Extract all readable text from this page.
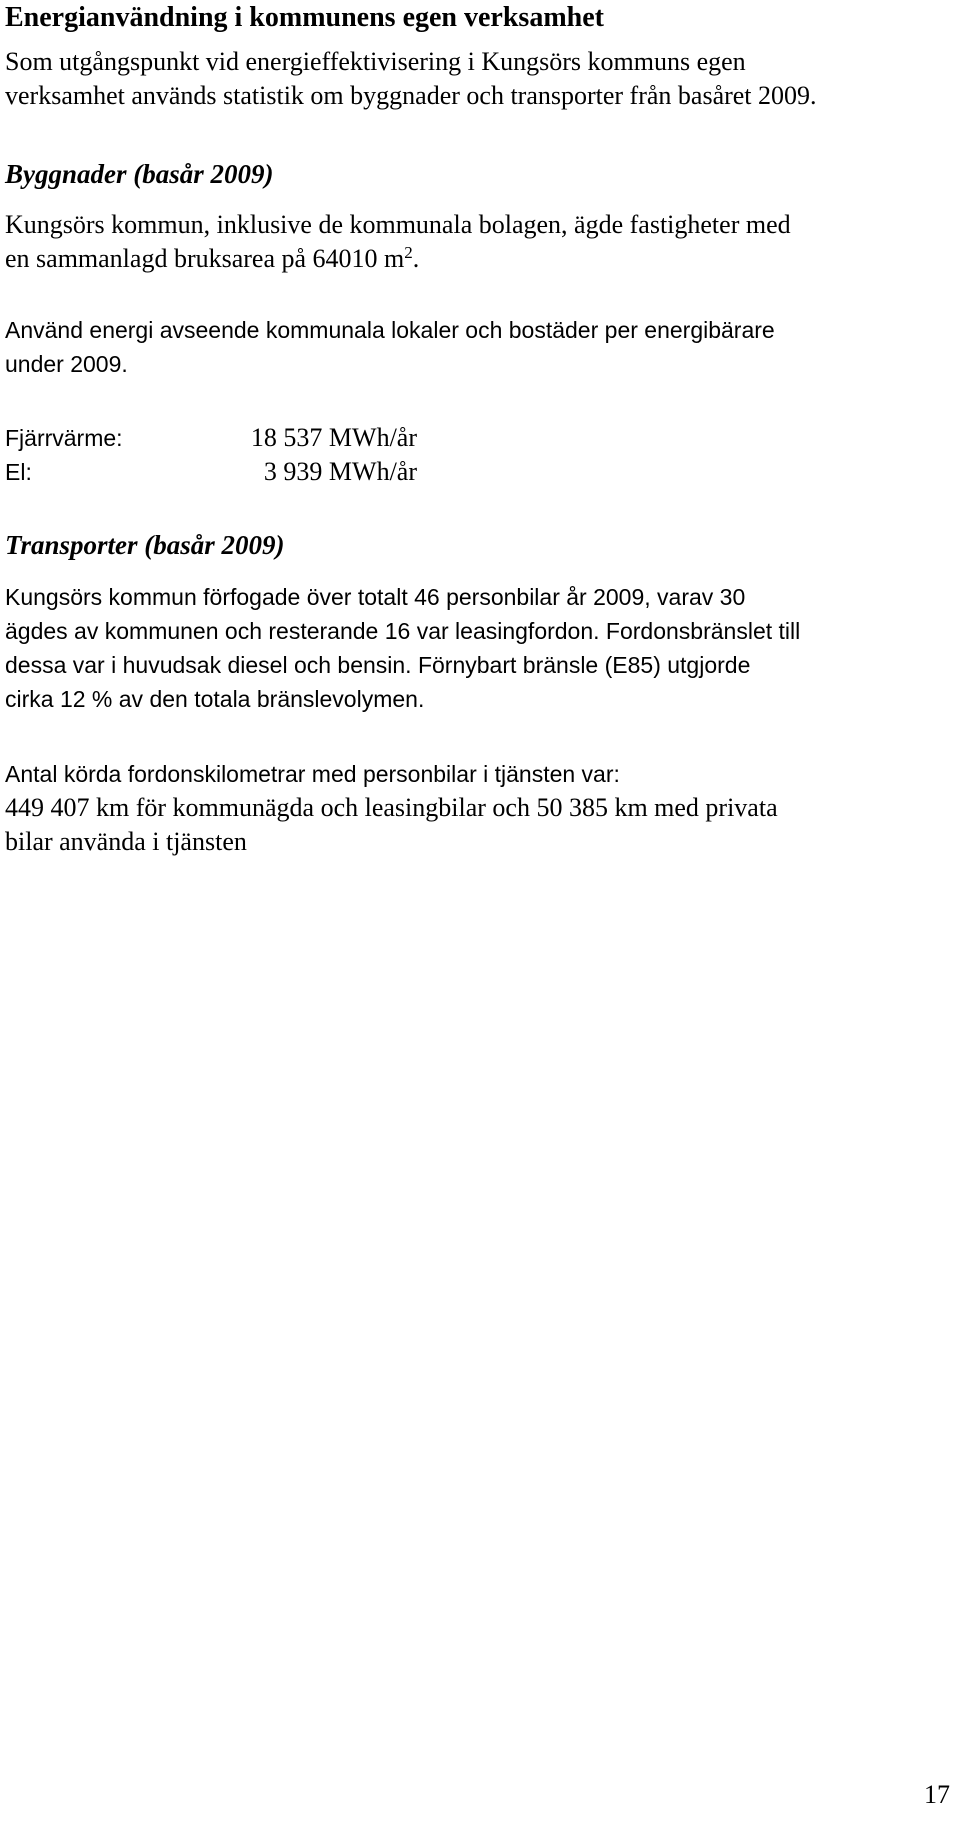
Energianvändning i kommunens egen verksamhet

Som utgångspunkt vid energieffektivisering i Kungsörs kommuns egen
verksamhet används statistik om byggnader och transporter från basåret 2009.

Byggnader (basår 2009)

Kungsörs kommun, inklusive de kommunala bolagen, ägde fastigheter med
en sammanlagd bruksarea på 64010 $m^2$.

Använd energi avseende kommunala lokaler och bostäder per energibärare
under 2009.

Fjärrvärme:	18 537 MWh/år
El:	3 939 MWh/år
Transporter (basår 2009)

Kungsörs kommun förfogade över totalt 46 personbilar år 2009, varav 30
ägdes av kommunen och resterande 16 var leasingfordon. Fordonsbränslet till
dessa var i huvudsak diesel och bensin. Förnybart bränsle (E85) utgjorde
cirka 12 % av den totala bränslevolymen.

Antal körda fordonskilometrar med personbilar i tjänsten var:

449 407 km för kommunägda och leasingbilar och 50 385 km med privata
bilar använda i tjänsten

17
